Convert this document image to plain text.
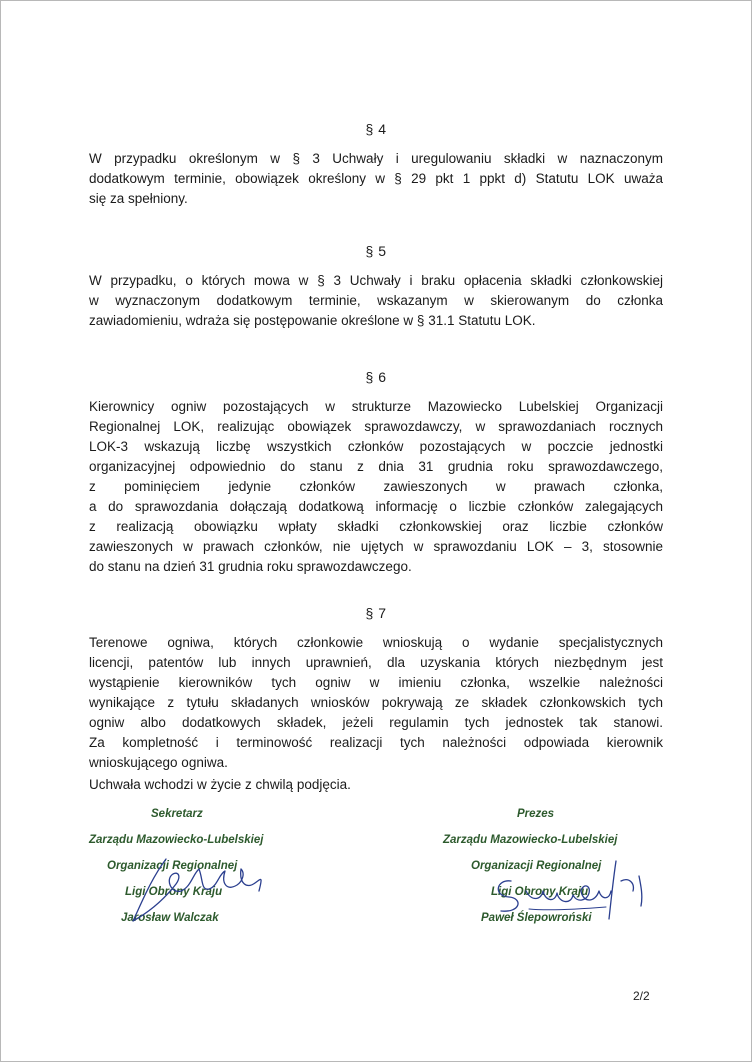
§ 4
W przypadku określonym w § 3 Uchwały i uregulowaniu składki w naznaczonym
dodatkowym terminie, obowiązek określony w § 29 pkt 1 ppkt d) Statutu LOK uważa
się za spełniony.
§ 5
W przypadku, o których mowa w § 3 Uchwały i braku opłacenia składki członkowskiej
w wyznaczonym dodatkowym terminie, wskazanym w skierowanym do członka
zawiadomieniu, wdraża się postępowanie określone w § 31.1 Statutu LOK.
§ 6
Kierownicy ogniw pozostających w strukturze Mazowiecko Lubelskiej Organizacji
Regionalnej LOK, realizując obowiązek sprawozdawczy, w sprawozdaniach rocznych
LOK-3 wskazują liczbę wszystkich członków pozostających w poczcie jednostki
organizacyjnej odpowiednio do stanu z dnia 31 grudnia roku sprawozdawczego,
z pominięciem jedynie członków zawieszonych w prawach członka,
a do sprawozdania dołączają dodatkową informację o liczbie członków zalegających
z realizacją obowiązku wpłaty składki członkowskiej oraz liczbie członków
zawieszonych w prawach członków, nie ujętych w sprawozdaniu LOK – 3, stosownie
do stanu na dzień 31 grudnia roku sprawozdawczego.
§ 7
Terenowe ogniwa, których członkowie wnioskują o wydanie specjalistycznych
licencji, patentów lub innych uprawnień, dla uzyskania których niezbędnym jest
wystąpienie kierowników tych ogniw w imieniu członka, wszelkie należności
wynikające z tytułu składanych wniosków pokrywają ze składek członkowskich tych
ogniw albo dodatkowych składek, jeżeli regulamin tych jednostek tak stanowi.
Za kompletność i terminowość realizacji tych należności odpowiada kierownik
wnioskującego ogniwa.
Uchwała wchodzi w życie z chwilą podjęcia.
Sekretarz
Zarządu Mazowiecko-Lubelskiej
Organizacji Regionalnej
Ligi Obrony Kraju
Jarosław Walczak
Prezes
Zarządu Mazowiecko-Lubelskiej
Organizacji Regionalnej
Ligi Obrony Kraju
Paweł Ślepowroński
2/2
